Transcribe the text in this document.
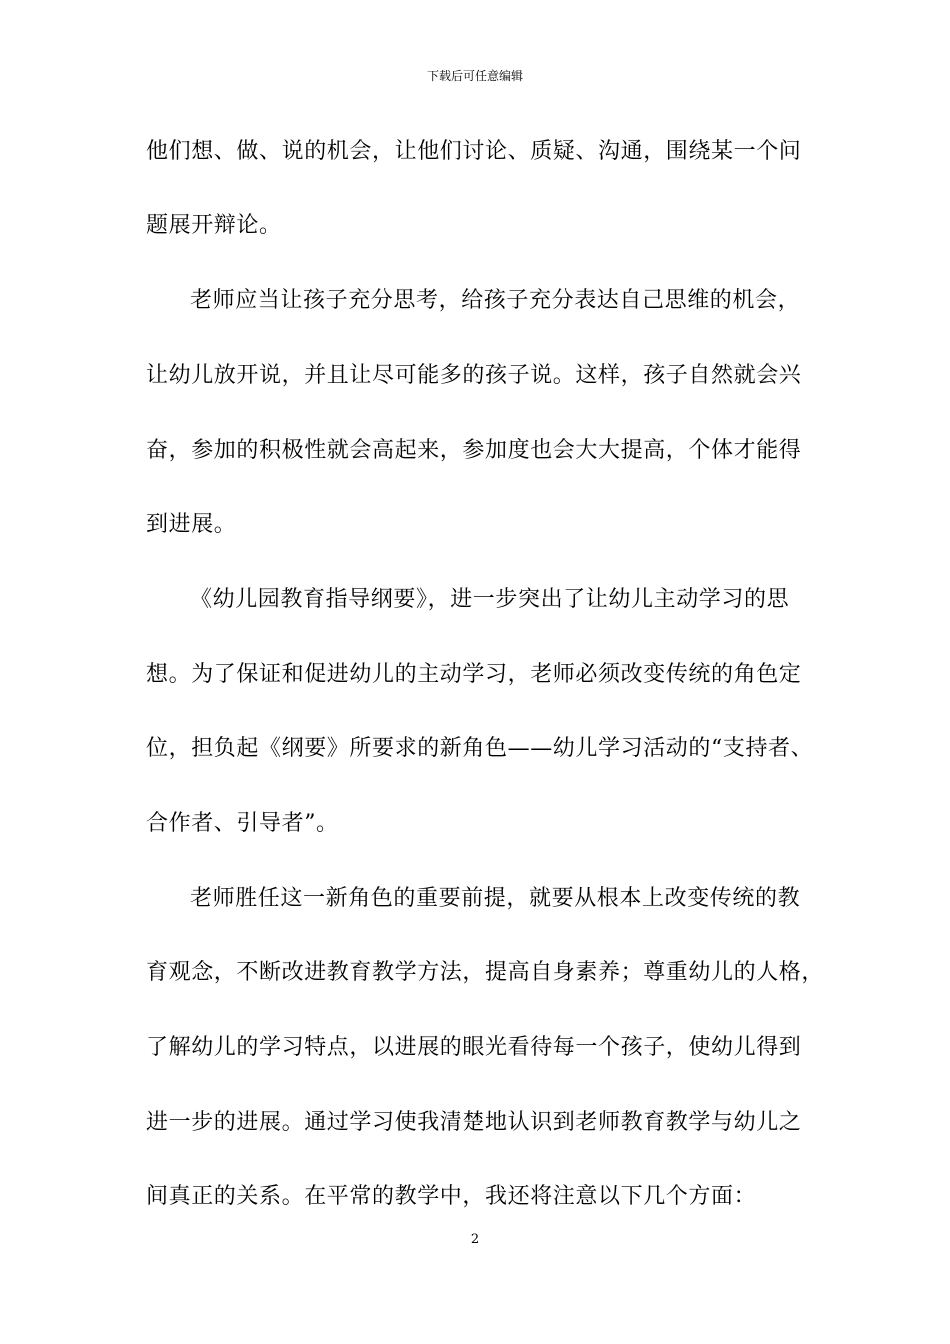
下载后可任意编辑
他们想、做、说的机会，让他们讨论、质疑、沟通，围绕某一个问
题展开辩论。
老师应当让孩子充分思考，给孩子充分表达自己思维的机会，
让幼儿放开说，并且让尽可能多的孩子说。这样，孩子自然就会兴
奋，参加的积极性就会高起来，参加度也会大大提高，个体才能得
到进展。
《幼儿园教育指导纲要》，进一步突出了让幼儿主动学习的思
想。为了保证和促进幼儿的主动学习，老师必须改变传统的角色定
位，担负起《纲要》所要求的新角色——幼儿学习活动的“支持者、
合作者、引导者”。
老师胜任这一新角色的重要前提，就要从根本上改变传统的教
育观念，不断改进教育教学方法，提高自身素养；尊重幼儿的人格，
了解幼儿的学习特点，以进展的眼光看待每一个孩子，使幼儿得到
进一步的进展。通过学习使我清楚地认识到老师教育教学与幼儿之
间真正的关系。在平常的教学中，我还将注意以下几个方面：
2
